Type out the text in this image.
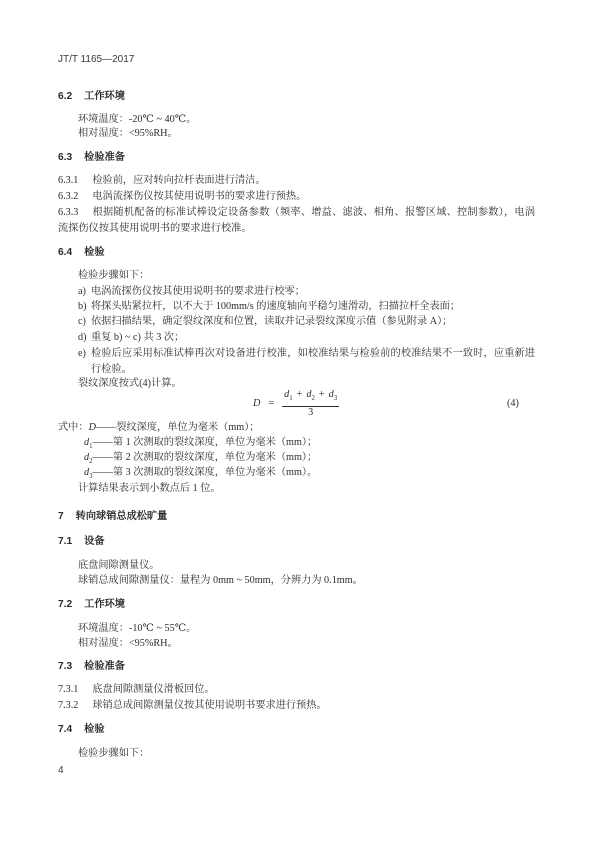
JT/T 1165—2017
6.2 工作环境
环境温度：-20℃ ~ 40℃。
相对湿度：<95%RH。
6.3 检验准备
6.3.1 检验前，应对转向拉杆表面进行清洁。
6.3.2 电涡流探伤仪按其使用说明书的要求进行预热。
6.3.3 根据随机配备的标准试棒设定设备参数（频率、增益、滤波、相角、报警区域、控制参数），电涡流探伤仪按其使用说明书的要求进行校准。
6.4 检验
检验步骤如下：
a) 电涡流探伤仪按其使用说明书的要求进行校零；
b) 将探头贴紧拉杆，以不大于 100mm/s 的速度轴向平稳匀速滑动，扫描拉杆全表面；
c) 依据扫描结果，确定裂纹深度和位置，读取并记录裂纹深度示值（参见附录 A）；
d) 重复 b) ~ c) 共 3 次；
e) 检验后应采用标准试棒再次对设备进行校准，如校准结果与检验前的校准结果不一致时，应重新进行检验。
裂纹深度按式(4)计算。
$D = \frac{d_1 + d_2 + d_3}{3}$	(4)
式中：D——裂纹深度，单位为毫米（mm）；
$d_1——$第 1 次测取的裂纹深度，单位为毫米（mm）；
$d_2——$第 2 次测取的裂纹深度，单位为毫米（mm）；
$d_3——$第 3 次测取的裂纹深度，单位为毫米（mm）。
计算结果表示到小数点后 1 位。
7 转向球销总成松旷量
7.1 设备
底盘间隙测量仪。
球销总成间隙测量仪：量程为 0mm ~ 50mm，分辨力为 0.1mm。
7.2 工作环境
环境温度：-10℃ ~ 55℃。
相对湿度：<95%RH。
7.3 检验准备
7.3.1 底盘间隙测量仪滑板回位。
7.3.2 球销总成间隙测量仪按其使用说明书要求进行预热。
7.4 检验
检验步骤如下：
4
